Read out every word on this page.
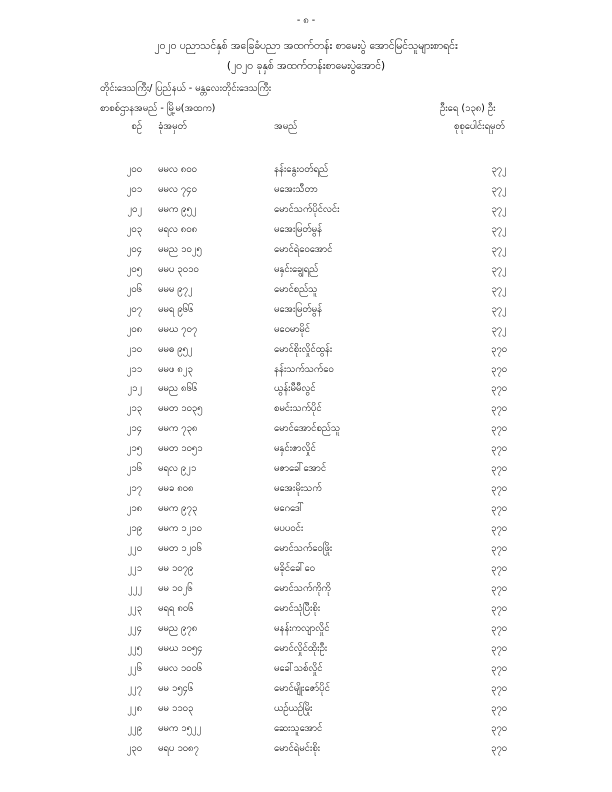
- ၈ -
၂၀၂၀ ပညာသင်နှစ် အခြေခံပညာ အထက်တန်း စာမေးပွဲ အောင်မြင်သူများစာရင်း
(၂၀၂၀ ခုနှစ် အထက်တန်းစာမေးပွဲအောင်)
တိုင်းဒေသကြီး/ ပြည်နယ် - မန္တလေးတိုင်းဒေသကြီး
စာစစ်ဌာနအမည် - မြို့မ(အထက)	ဦးရေ (၁၃၈) ဦး
စဉ် ခုံအမှတ်	အမည်	စုစုပေါင်းရမှတ်
၂၀၀ မမလ ၈၀၀	နန်းနွေးဝတ်ရည်	၃၇၂
၂၀၁ မမလ ၇၄၀	မအေးသီတာ	၃၇၂
၂၀၂ မမက ၉၅၂	မောင်သက်ပိုင်လင်း	၃၇၂
၂၀၃ မရလ ၈၀၈	မအေးမြတ်မွန်	၃၇၂
၂၀၄ မမည ၁၀၂၅	မောင်ရဲဝေအောင်	၃၇၂
၂၀၅ မမပ ၃၀၁၀	မနှင်းချွေရည်	၃၇၂
၂၀၆ မမမ ၉၇၂	မောင်စည်သူ	၃၇၂
၂၀၇ မမရ ၉၆၆	မအေးမြတ်မွန်	၃၇၂
၂၀၈ မမဃ ၇၀၇	မဝေမာမိုင်	၃၇၂
၂၁၀ မမဓ ၉၅၂	မောင်စိုးလှိုင်ထွန်း	၃၇၀
၂၁၁ မမဖ ၈၂၃	နန်းသက်သက်ဝေ	၃၇၀
၂၁၂ မမည ၈၆၆	ယွန်းမီမီလွင်	၃၇၀
၂၁၃ မမတ ၁၀၃၅	စမင်းသက်ပိုင်	၃၇၀
၂၁၄ မမက ၇၃၈	မောင်အောင်စည်သူ	၃၇၀
၂၁၅ မမတ ၁၀၅၁	မနှင်းဇာလှိုင်	၃၇၀
၂၁၆ မရလ ၉၂၁	မဇာခေါ်အောင်	၃၇၀
၂၁၇ မမခ ၈၀၈	မအေးမိုးသက်	၃၇၀
၂၁၈ မမက ၉၇၃	မဂေဒေါ်	၃၇၀
၂၁၉ မမက ၁၂၁၀	မပပဝင်း	၃၇၀
၂၂၀ မမတ ၁၂၀၆	မောင်သက်ဝေဖြိုး	၃၇၀
၂၂၁ မမ ၁၀၇၉	မခိုင်ခေါ်ဝေ	၃၇၀
၂၂၂ မမ ၁၀၂၆	မောင်သက်ကိုကို	၃၇၀
၂၂၃ မရရ ၈၀၆	မောင်သုံပြီးစိုး	၃၇၀
၂၂၄ မမည ၉၇၈	မနန်းကလျာလှိုင်	၃၇၀
၂၂၅ မမဃ ၁၀၅၄	မောင်လှိုင်ထိုးဦး	၃၇၀
၂၂၆ မမလ ၁၀၀၆	မခေါ်သစ်လှိုင်	၃၇၀
၂၂၇ မမ ၁၅၄၆	မောင်မျိုးဇော်ပိုင်	၃၇၀
၂၂၈ မမ ၁၁၀၃	ယဉ်ယဉ်မြိုး	၃၇၀
၂၂၉ မမက ၁၅၂၂	ဆေးသူအောင်	၃၇၀
၂၃၀ မရပ ၁၀၈၇	မောင်ရဲမင်းစိုး	၃၇၀
